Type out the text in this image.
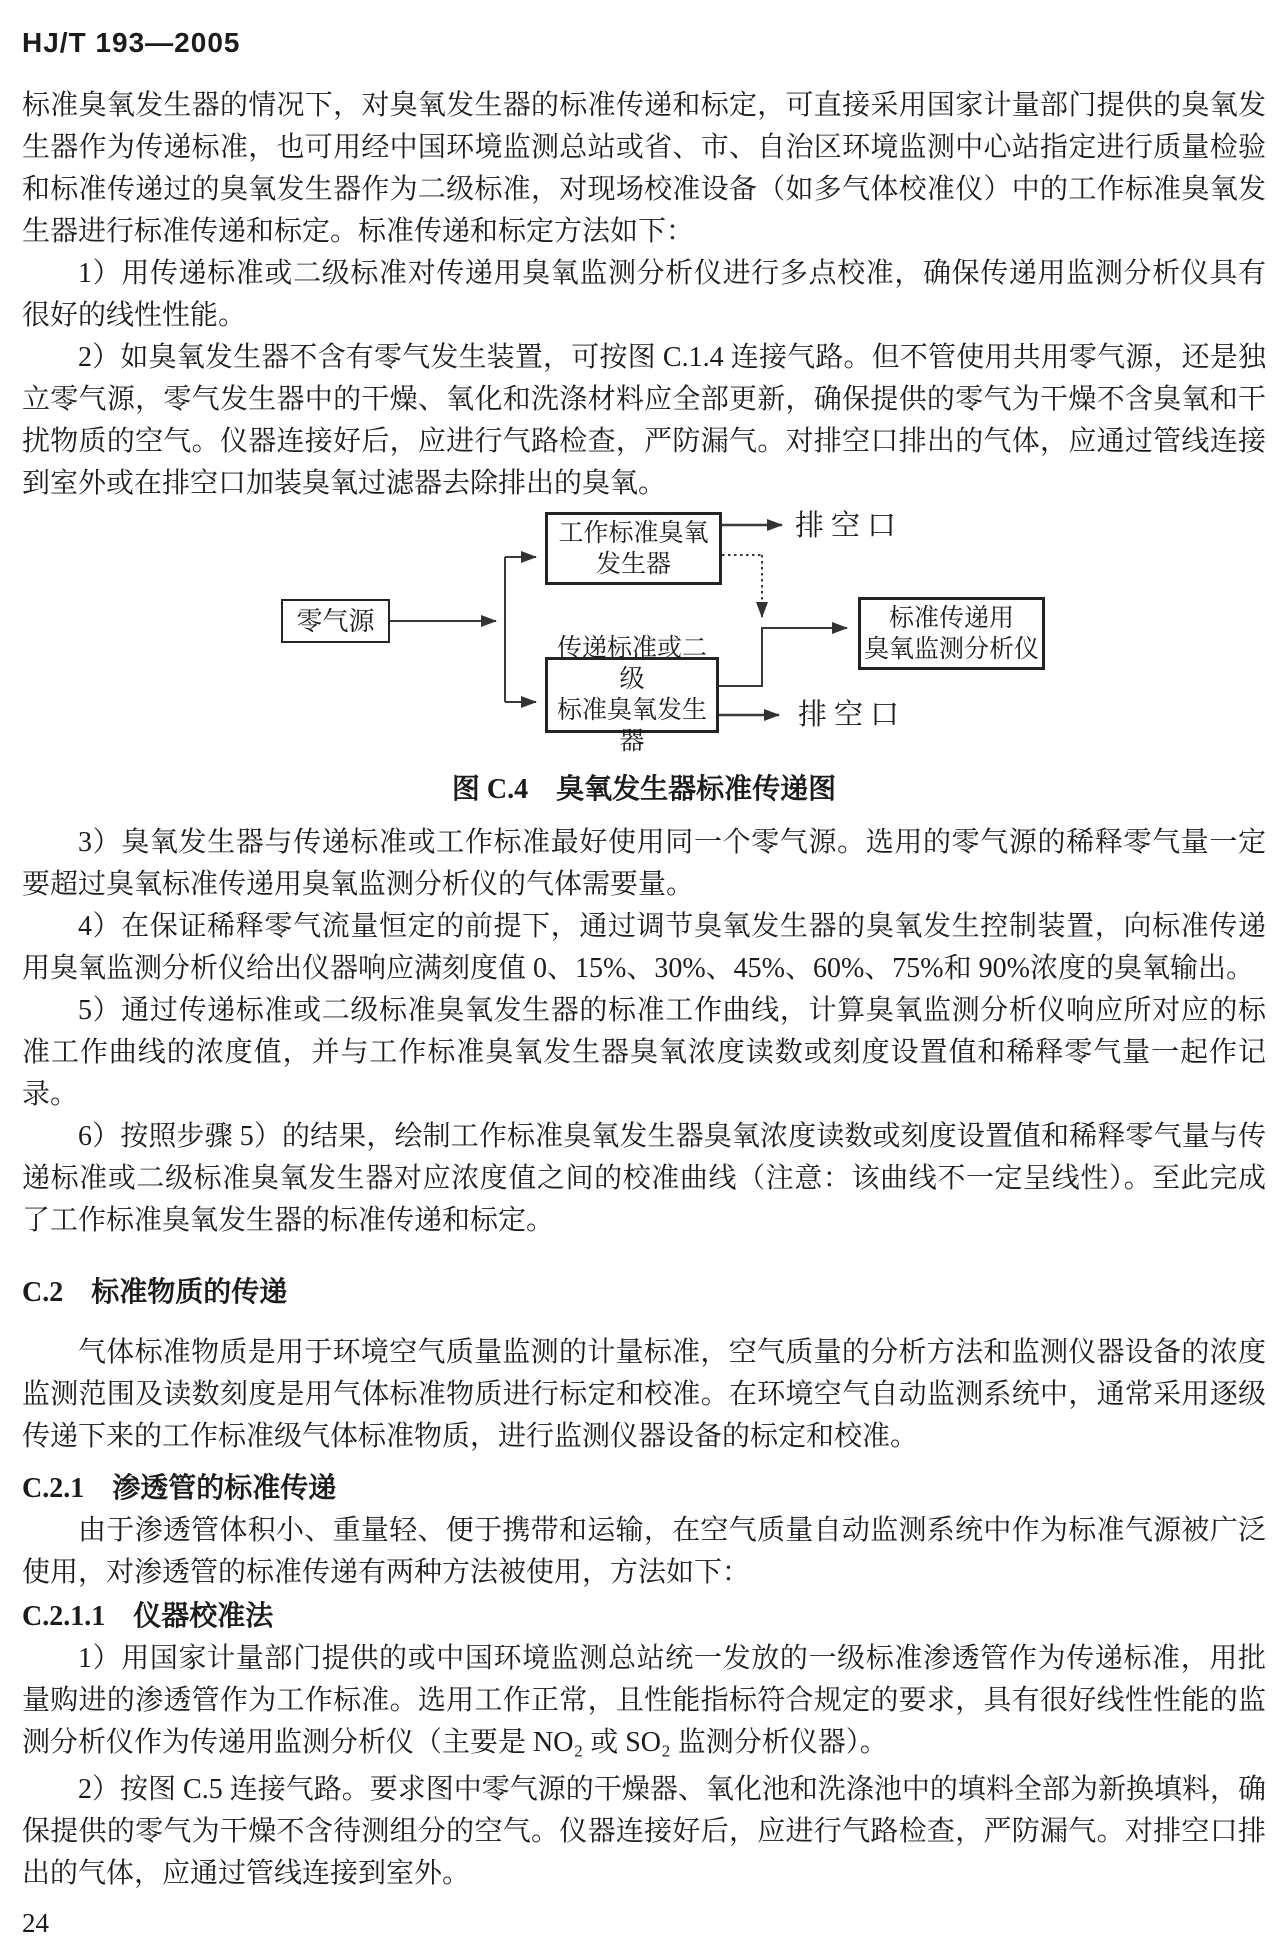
HJ/T 193—2005

标准臭氧发生器的情况下，对臭氧发生器的标准传递和标定，可直接采用国家计量部门提供的臭氧发生器作为传递标准，也可用经中国环境监测总站或省、市、自治区环境监测中心站指定进行质量检验和标准传递过的臭氧发生器作为二级标准，对现场校准设备（如多气体校准仪）中的工作标准臭氧发生器进行标准传递和标定。标准传递和标定方法如下：

1）用传递标准或二级标准对传递用臭氧监测分析仪进行多点校准，确保传递用监测分析仪具有很好的线性性能。

2）如臭氧发生器不含有零气发生装置，可按图 C.1.4 连接气路。但不管使用共用零气源，还是独立零气源，零气发生器中的干燥、氧化和洗涤材料应全部更新，确保提供的零气为干燥不含臭氧和干扰物质的空气。仪器连接好后，应进行气路检查，严防漏气。对排空口排出的气体，应通过管线连接到室外或在排空口加装臭氧过滤器去除排出的臭氧。

工作标准臭氧
发生器
零气源	标准传递用
臭氧监测分析仪
传递标准或二级
标准臭氧发生器
排空口
排空口
图 C.4　臭氧发生器标准传递图

3）臭氧发生器与传递标准或工作标准最好使用同一个零气源。选用的零气源的稀释零气量一定要超过臭氧标准传递用臭氧监测分析仪的气体需要量。

4）在保证稀释零气流量恒定的前提下，通过调节臭氧发生器的臭氧发生控制装置，向标准传递用臭氧监测分析仪给出仪器响应满刻度值 0、15%、30%、45%、60%、75%和 90%浓度的臭氧输出。

5）通过传递标准或二级标准臭氧发生器的标准工作曲线，计算臭氧监测分析仪响应所对应的标准工作曲线的浓度值，并与工作标准臭氧发生器臭氧浓度读数或刻度设置值和稀释零气量一起作记录。

6）按照步骤 5）的结果，绘制工作标准臭氧发生器臭氧浓度读数或刻度设置值和稀释零气量与传递标准或二级标准臭氧发生器对应浓度值之间的校准曲线（注意：该曲线不一定呈线性）。至此完成了工作标准臭氧发生器的标准传递和标定。

C.2　标准物质的传递

气体标准物质是用于环境空气质量监测的计量标准，空气质量的分析方法和监测仪器设备的浓度监测范围及读数刻度是用气体标准物质进行标定和校准。在环境空气自动监测系统中，通常采用逐级传递下来的工作标准级气体标准物质，进行监测仪器设备的标定和校准。

C.2.1　渗透管的标准传递

由于渗透管体积小、重量轻、便于携带和运输，在空气质量自动监测系统中作为标准气源被广泛使用，对渗透管的标准传递有两种方法被使用，方法如下：

C.2.1.1　仪器校准法

1）用国家计量部门提供的或中国环境监测总站统一发放的一级标准渗透管作为传递标准，用批量购进的渗透管作为工作标准。选用工作正常，且性能指标符合规定的要求，具有很好线性性能的监测分析仪作为传递用监测分析仪（主要是 NO₂ 或 SO₂ 监测分析仪器）。

2）按图 C.5 连接气路。要求图中零气源的干燥器、氧化池和洗涤池中的填料全部为新换填料，确保提供的零气为干燥不含待测组分的空气。仪器连接好后，应进行气路检查，严防漏气。对排空口排出的气体，应通过管线连接到室外。

24
